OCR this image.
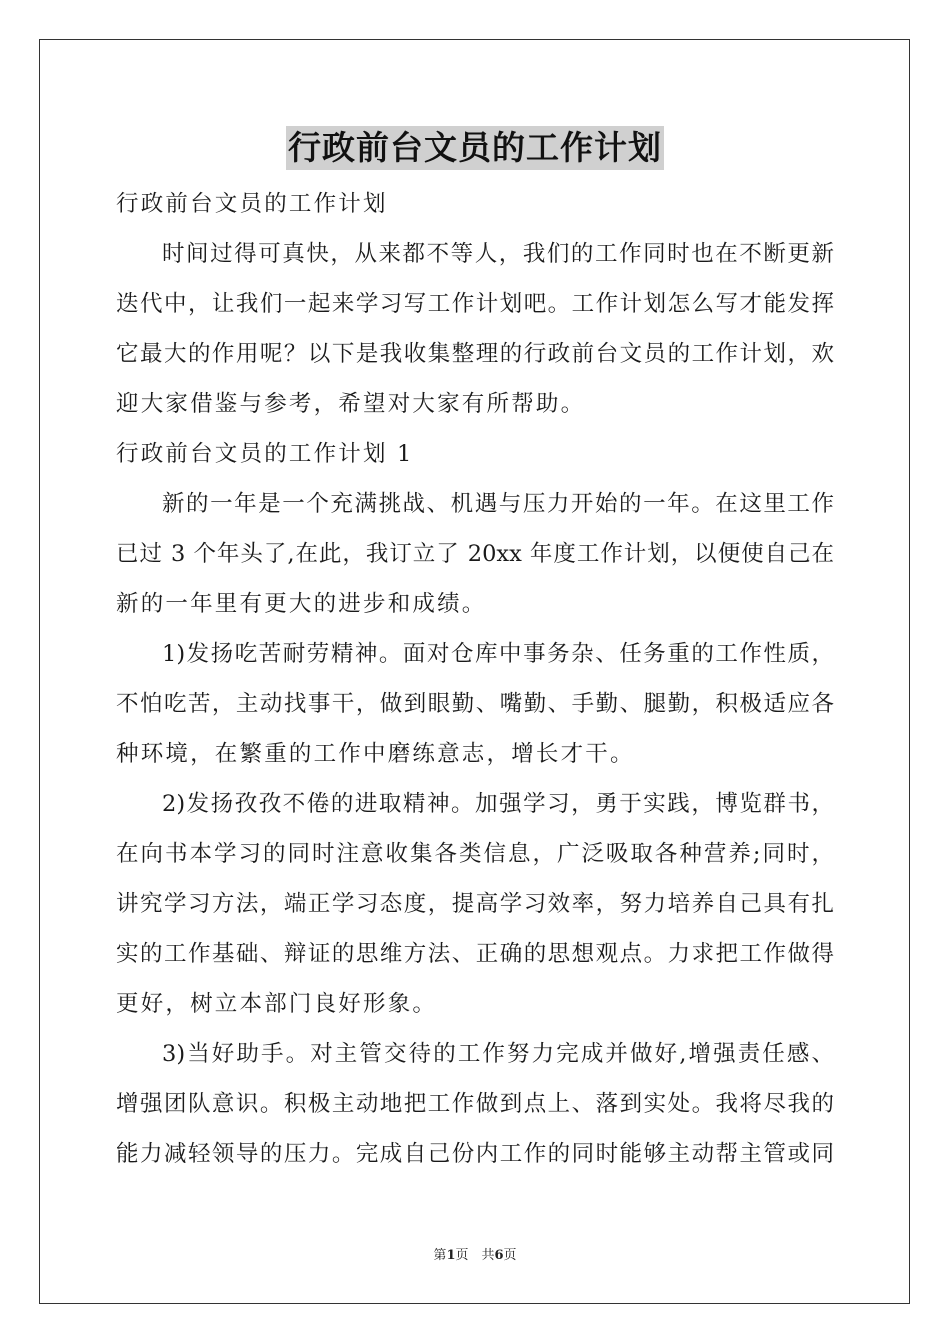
行政前台文员的工作计划
行政前台文员的工作计划
时间过得可真快，从来都不等人，我们的工作同时也在不断更新
迭代中，让我们一起来学习写工作计划吧。工作计划怎么写才能发挥
它最大的作用呢？以下是我收集整理的行政前台文员的工作计划，欢
迎大家借鉴与参考，希望对大家有所帮助。
行政前台文员的工作计划 1
新的一年是一个充满挑战、机遇与压力开始的一年。在这里工作
已过 3 个年头了,在此，我订立了 20xx 年度工作计划，以便使自己在
新的一年里有更大的进步和成绩。
1)发扬吃苦耐劳精神。面对仓库中事务杂、任务重的工作性质，
不怕吃苦，主动找事干，做到眼勤、嘴勤、手勤、腿勤，积极适应各
种环境，在繁重的工作中磨练意志，增长才干。
2)发扬孜孜不倦的进取精神。加强学习，勇于实践，博览群书，
在向书本学习的同时注意收集各类信息，广泛吸取各种营养;同时，
讲究学习方法，端正学习态度，提高学习效率，努力培养自己具有扎
实的工作基础、辩证的思维方法、正确的思想观点。力求把工作做得
更好，树立本部门良好形象。
3)当好助手。对主管交待的工作努力完成并做好,增强责任感、
增强团队意识。积极主动地把工作做到点上、落到实处。我将尽我的
能力减轻领导的压力。完成自己份内工作的同时能够主动帮主管或同
第1页　共6页
